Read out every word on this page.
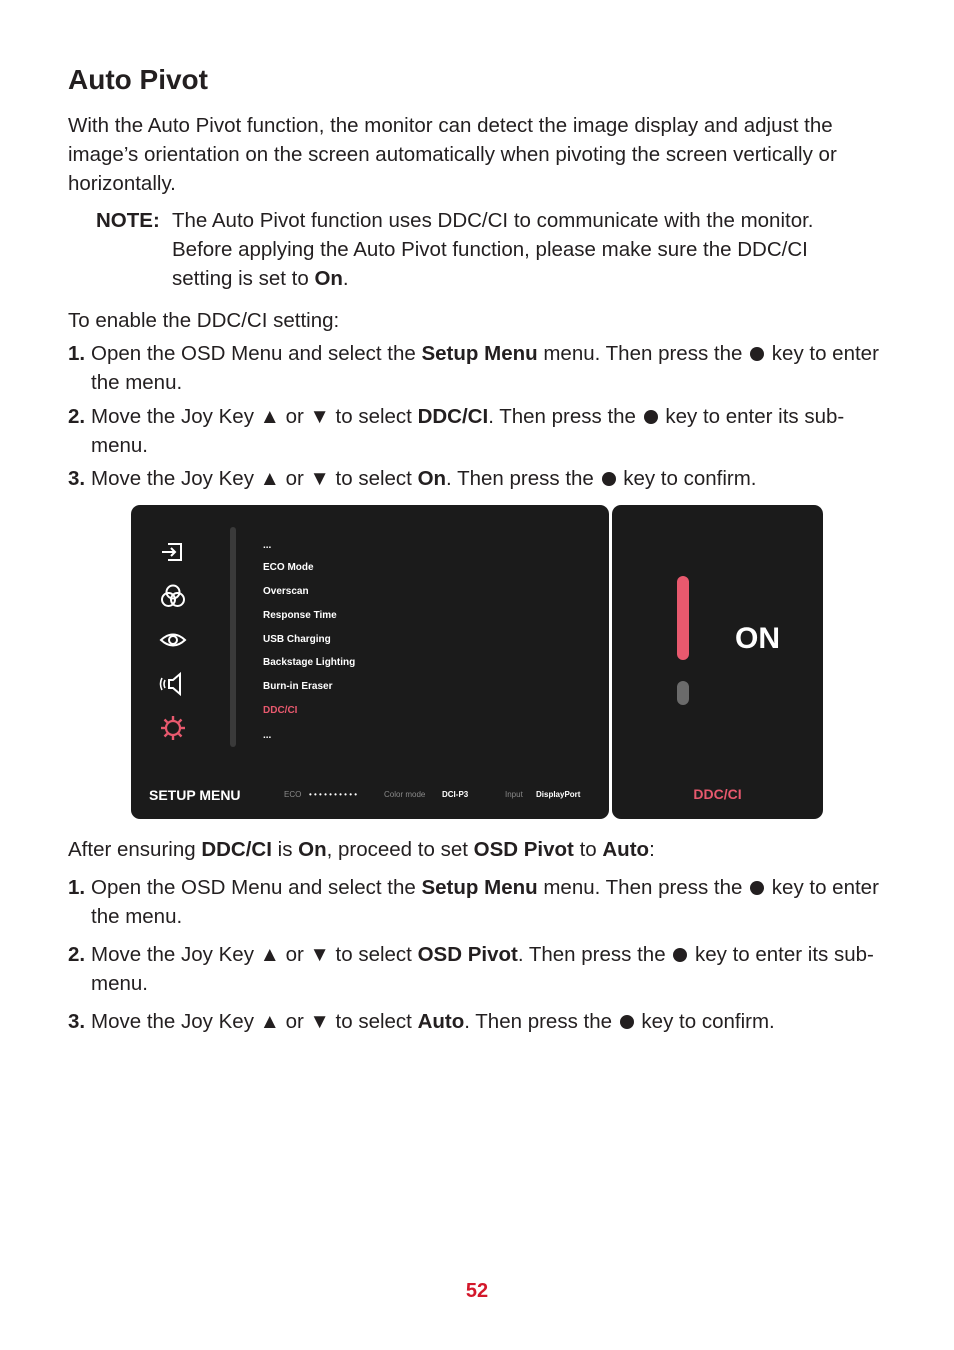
Auto Pivot
With the Auto Pivot function, the monitor can detect the image display and adjust the image’s orientation on the screen automatically when pivoting the screen vertically or horizontally.
NOTE: The Auto Pivot function uses DDC/CI to communicate with the monitor.
Before applying the Auto Pivot function, please make sure the DDC/CI
setting is set to On.
To enable the DDC/CI setting:
1. Open the OSD Menu and select the Setup Menu menu. Then press the  key to enter the menu.
2. Move the Joy Key ▲ or ▼ to select DDC/CI. Then press the  key to enter its sub-menu.
3. Move the Joy Key ▲ or ▼ to select On. Then press the  key to confirm.
...
ECO Mode
Overscan
Response Time
USB Charging
Backstage Lighting
Burn-in Eraser
DDC/CI
...
SETUP MENU	ECO • • • • • • • • • •	Color mode DCI-P3	Input DisplayPort
ON
DDC/CI
After ensuring DDC/CI is On, proceed to set OSD Pivot to Auto:
1. Open the OSD Menu and select the Setup Menu menu. Then press the  key to enter the menu.
2. Move the Joy Key ▲ or ▼ to select OSD Pivot. Then press the  key to enter its sub-menu.
3. Move the Joy Key ▲ or ▼ to select Auto. Then press the  key to confirm.
52
